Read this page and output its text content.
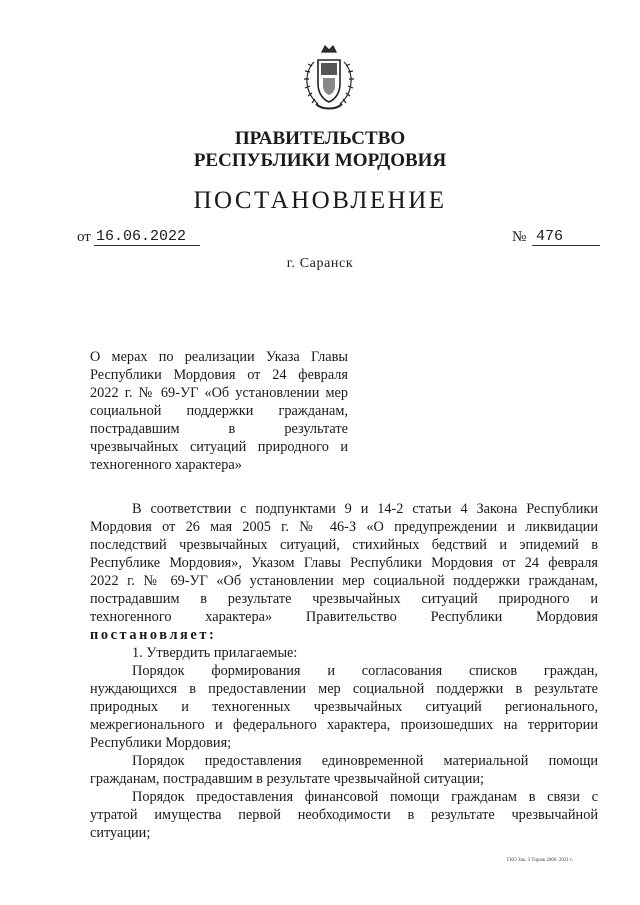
ПРАВИТЕЛЬСТВО
РЕСПУБЛИКИ МОРДОВИЯ
ПОСТАНОВЛЕНИЕ
от 16.06.2022	№ 476
г. Саранск
О мерах по реализации Указа Главы
Республики Мордовия от 24 февраля
2022 г. № 69-УГ «Об установлении мер
социальной поддержки гражданам,
пострадавшим в результате
чрезвычайных ситуаций природного и
техногенного характера»
В соответствии с подпунктами 9 и 14-2 статьи 4 Закона Республики
Мордовия от 26 мая 2005 г. № 46-З «О предупреждении и ликвидации
последствий чрезвычайных ситуаций, стихийных бедствий и эпидемий в
Республике Мордовия», Указом Главы Республики Мордовия от 24 февраля
2022 г. № 69-УГ «Об установлении мер социальной поддержки гражданам,
пострадавшим в результате чрезвычайных ситуаций природного и
техногенного характера» Правительство Республики Мордовия
постановляет:
1. Утвердить прилагаемые:
Порядок формирования и согласования списков граждан,
нуждающихся в предоставлении мер социальной поддержки в результате
природных и техногенных чрезвычайных ситуаций регионального,
межрегионального и федерального характера, произошедших на территории
Республики Мордовия;
Порядок предоставления единовременной материальной помощи
гражданам, пострадавшим в результате чрезвычайной ситуации;
Порядок предоставления финансовой помощи гражданам в связи с
утратой имущества первой необходимости в результате чрезвычайной
ситуации;
ГКО Зак. 3 Тираж 2000. 2021 г.
